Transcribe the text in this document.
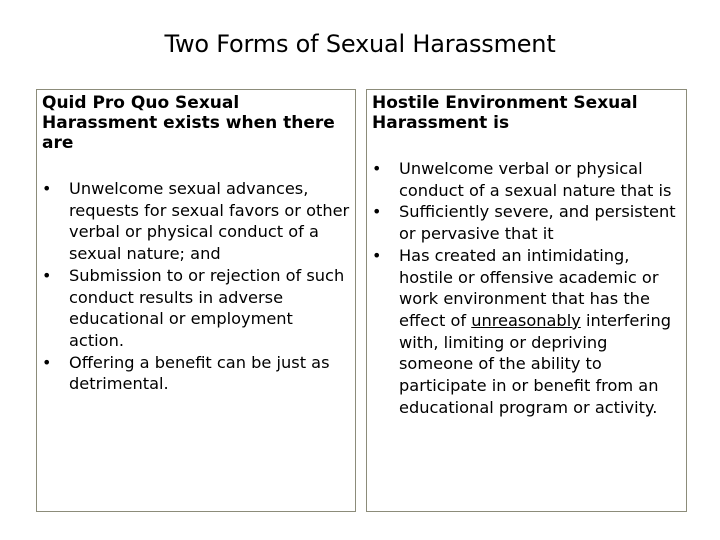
Two Forms of Sexual Harassment

Quid Pro Quo Sexual Harassment exists when there are

• Unwelcome sexual advances, requests for sexual favors or other verbal or physical conduct of a sexual nature; and
• Submission to or rejection of such conduct results in adverse educational or employment action.
• Offering a benefit can be just as detrimental.

Hostile Environment Sexual Harassment is

• Unwelcome verbal or physical conduct of a sexual nature that is
• Sufficiently severe, and persistent or pervasive that it
• Has created an intimidating, hostile or offensive academic or work environment that has the effect of unreasonably interfering with, limiting or depriving someone of the ability to participate in or benefit from an educational program or activity.
